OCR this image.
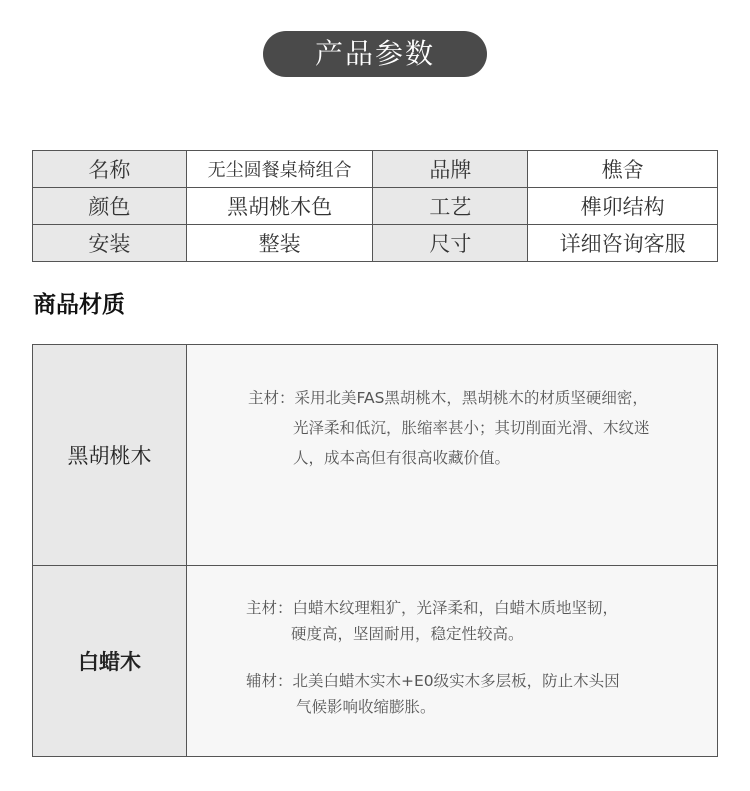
产品参数
名称	无尘圆餐桌椅组合	品牌	樵舍
颜色	黑胡桃木色	工艺	榫卯结构
安装	整装	尺寸	详细咨询客服
商品材质
黑胡桃木	主材：采用北美FAS黑胡桃木，黑胡桃木的材质坚硬细密，
光泽柔和低沉，胀缩率甚小；其切削面光滑、木纹迷
人，成本高但有很高收藏价值。

白蜡木	主材：白蜡木纹理粗犷，光泽柔和，白蜡木质地坚韧，
硬度高，坚固耐用，稳定性较高。
辅材：北美白蜡木实木+E0级实木多层板，防止木头因
气候影响收缩膨胀。
